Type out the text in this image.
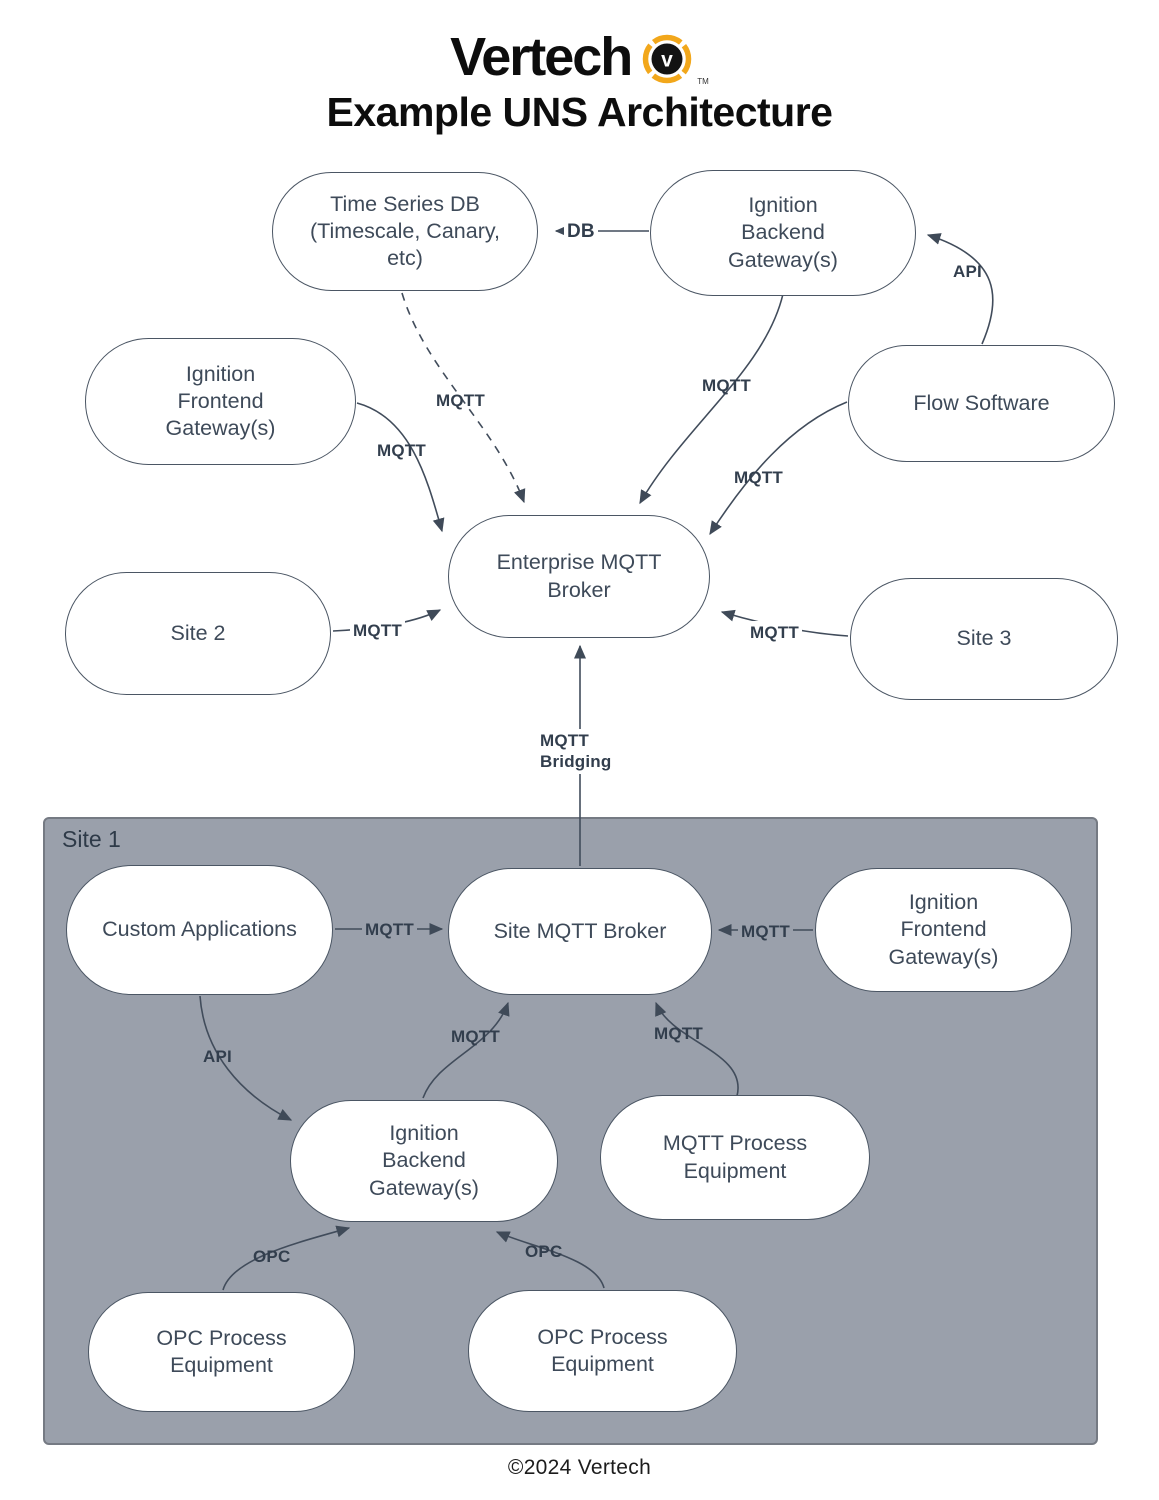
Vertech v
TM
Example UNS Architecture
Site 1
Time Series DB (Timescale, Canary, etc)
Ignition Backend Gateway(s)
Ignition Frontend Gateway(s)
Flow Software
Enterprise MQTT Broker
Site 2	Site 3
Custom Applications	Site MQTT Broker
Ignition Frontend Gateway(s)
Ignition Backend Gateway(s)
MQTT Process Equipment
OPC Process Equipment
OPC Process Equipment
DB
API
MQTT
MQTT
MQTT
MQTT
MQTT	MQTT
MQTT Bridging
MQTT	MQTT
API
MQTT	MQTT
OPC	OPC
©2024 Vertech
